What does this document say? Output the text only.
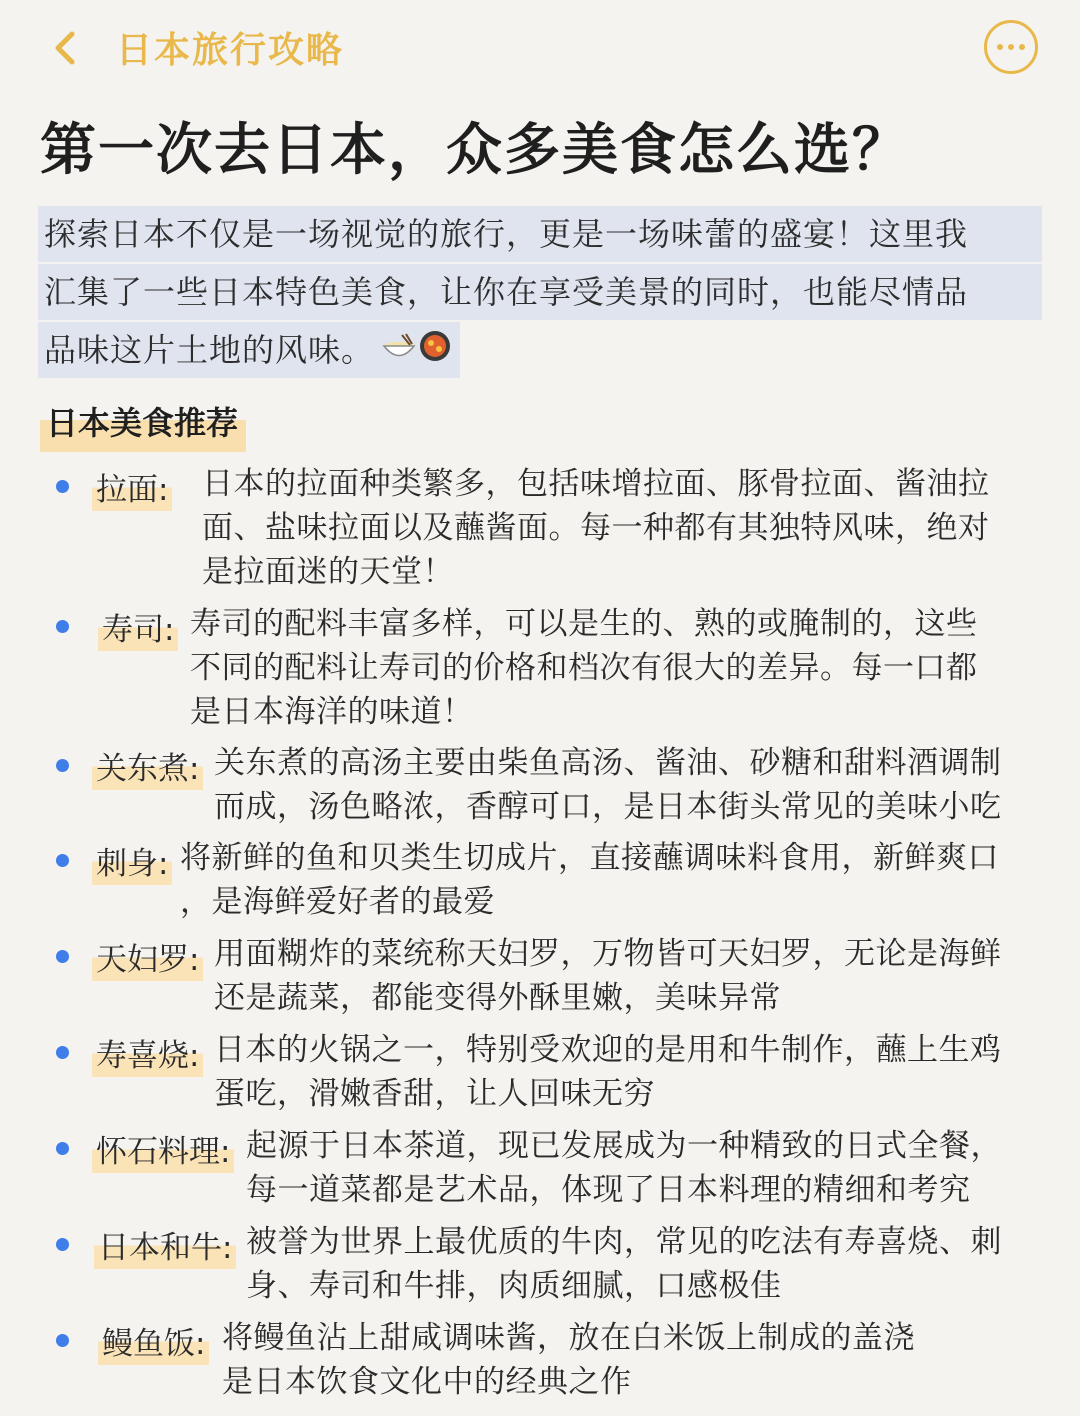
日本旅行攻略
第一次去日本，众多美食怎么选？
探索日本不仅是一场视觉的旅行，更是一场味蕾的盛宴！这里我
汇集了一些日本特色美食，让你在享受美景的同时，也能尽情品
品味这片土地的风味。
日本美食推荐
拉面: 日本的拉面种类繁多，包括味增拉面、豚骨拉面、酱油拉
面、盐味拉面以及蘸酱面。每一种都有其独特风味，绝对
是拉面迷的天堂！
寿司: 寿司的配料丰富多样，可以是生的、熟的或腌制的，这些
不同的配料让寿司的价格和档次有很大的差异。每一口都
是日本海洋的味道！
关东煮: 关东煮的高汤主要由柴鱼高汤、酱油、砂糖和甜料酒调制
而成，汤色略浓，香醇可口，是日本街头常见的美味小吃
刺身: 将新鲜的鱼和贝类生切成片，直接蘸调味料食用，新鲜爽口
，是海鲜爱好者的最爱
天妇罗: 用面糊炸的菜统称天妇罗，万物皆可天妇罗，无论是海鲜
还是蔬菜，都能变得外酥里嫩，美味异常
寿喜烧: 日本的火锅之一，特别受欢迎的是用和牛制作，蘸上生鸡
蛋吃，滑嫩香甜，让人回味无穷
怀石料理: 起源于日本茶道，现已发展成为一种精致的日式全餐，
每一道菜都是艺术品，体现了日本料理的精细和考究
日本和牛: 被誉为世界上最优质的牛肉，常见的吃法有寿喜烧、刺
身、寿司和牛排，肉质细腻，口感极佳
鳗鱼饭: 将鳗鱼沾上甜咸调味酱，放在白米饭上制成的盖浇
是日本饮食文化中的经典之作
